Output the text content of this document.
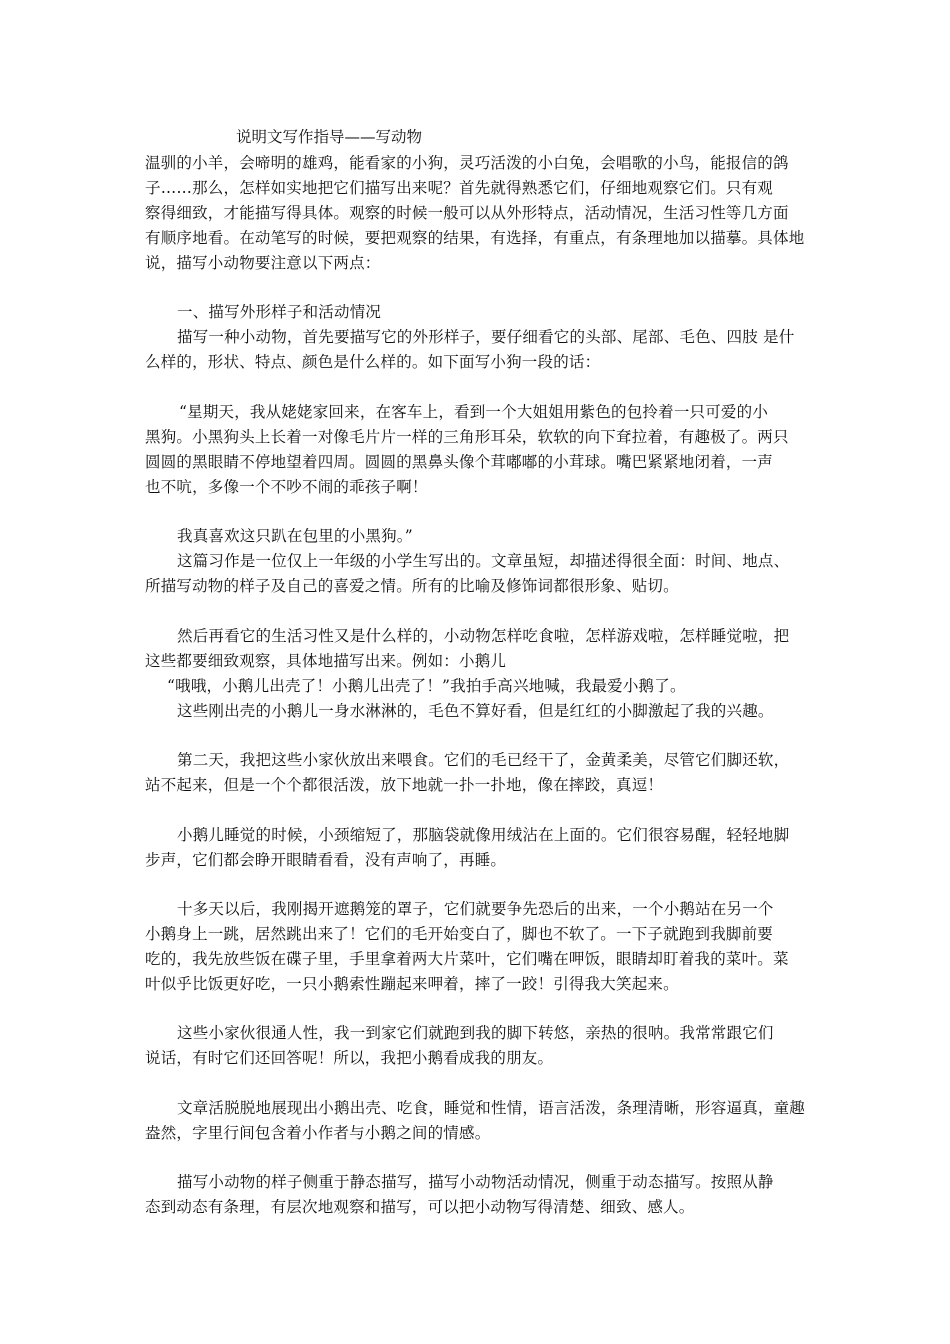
说明文写作指导——写动物
温驯的小羊，会啼明的雄鸡，能看家的小狗，灵巧活泼的小白兔，会唱歌的小鸟，能报信的鸽
子……那么，怎样如实地把它们描写出来呢？首先就得熟悉它们，仔细地观察它们。只有观
察得细致，才能描写得具体。观察的时候一般可以从外形特点，活动情况，生活习性等几方面
有顺序地看。在动笔写的时候，要把观察的结果，有选择，有重点，有条理地加以描摹。具体地
说，描写小动物要注意以下两点：
一、描写外形样子和活动情况
描写一种小动物，首先要描写它的外形样子，要仔细看它的头部、尾部、毛色、四肢 是什
么样的，形状、特点、颜色是什么样的。如下面写小狗一段的话：
“星期天，我从姥姥家回来，在客车上，看到一个大姐姐用紫色的包拎着一只可爱的小
黑狗。小黑狗头上长着一对像毛片片一样的三角形耳朵，软软的向下耷拉着，有趣极了。两只
圆圆的黑眼睛不停地望着四周。圆圆的黑鼻头像个茸嘟嘟的小茸球。嘴巴紧紧地闭着，一声
也不吭，多像一个不吵不闹的乖孩子啊！
我真喜欢这只趴在包里的小黑狗。”
这篇习作是一位仅上一年级的小学生写出的。文章虽短，却描述得很全面：时间、地点、
所描写动物的样子及自己的喜爱之情。所有的比喻及修饰词都很形象、贴切。
然后再看它的生活习性又是什么样的，小动物怎样吃食啦，怎样游戏啦，怎样睡觉啦，把
这些都要细致观察，具体地描写出来。例如：小鹅儿
“哦哦，小鹅儿出壳了！小鹅儿出壳了！”我拍手高兴地喊，我最爱小鹅了。
这些刚出壳的小鹅儿一身水淋淋的，毛色不算好看，但是红红的小脚激起了我的兴趣。
第二天，我把这些小家伙放出来喂食。它们的毛已经干了，金黄柔美，尽管它们脚还软，
站不起来，但是一个个都很活泼，放下地就一扑一扑地，像在摔跤，真逗！
小鹅儿睡觉的时候，小颈缩短了，那脑袋就像用绒沾在上面的。它们很容易醒，轻轻地脚
步声，它们都会睁开眼睛看看，没有声响了，再睡。
十多天以后，我刚揭开遮鹅笼的罩子，它们就要争先恐后的出来，一个小鹅站在另一个
小鹅身上一跳，居然跳出来了！它们的毛开始变白了，脚也不软了。一下子就跑到我脚前要
吃的，我先放些饭在碟子里，手里拿着两大片菜叶，它们嘴在呷饭，眼睛却盯着我的菜叶。菜
叶似乎比饭更好吃，一只小鹅索性蹦起来呷着，摔了一跤！引得我大笑起来。
这些小家伙很通人性，我一到家它们就跑到我的脚下转悠，亲热的很呐。我常常跟它们
说话，有时它们还回答呢！所以，我把小鹅看成我的朋友。
文章活脱脱地展现出小鹅出壳、吃食，睡觉和性情，语言活泼，条理清晰，形容逼真，童趣
盎然，字里行间包含着小作者与小鹅之间的情感。
描写小动物的样子侧重于静态描写，描写小动物活动情况，侧重于动态描写。按照从静
态到动态有条理，有层次地观察和描写，可以把小动物写得清楚、细致、感人。
